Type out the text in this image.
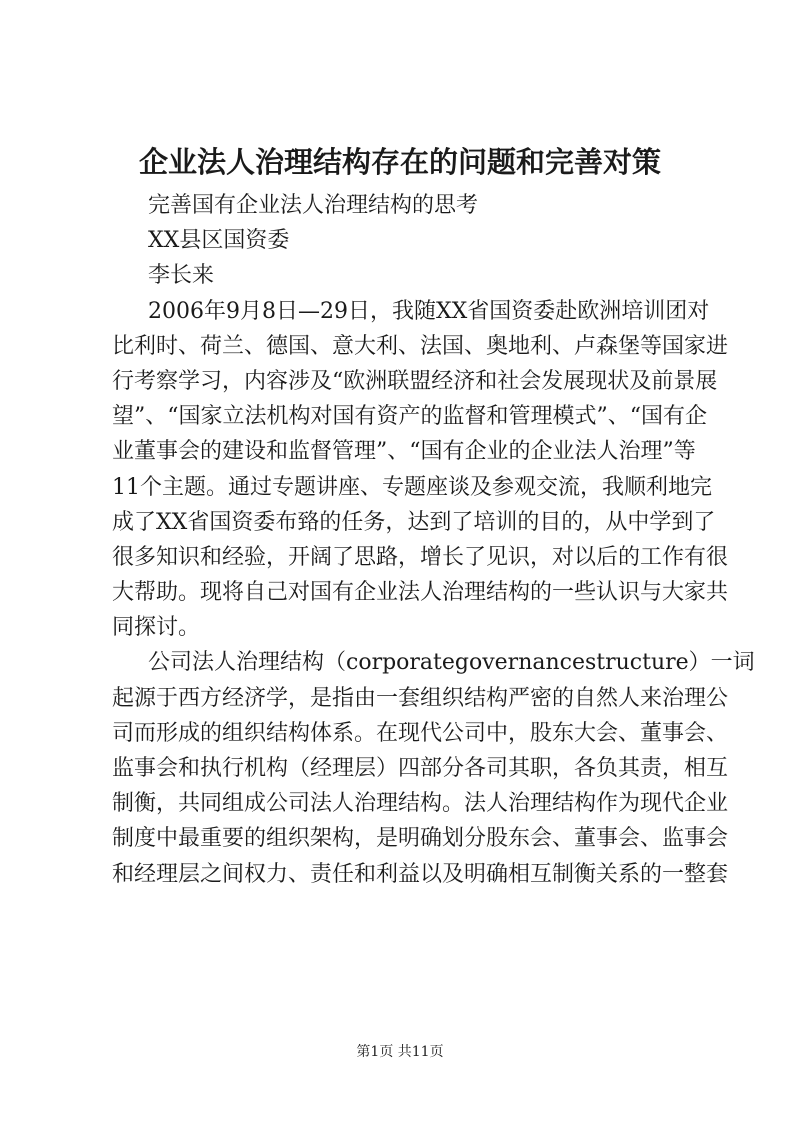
企业法人治理结构存在的问题和完善对策
完善国有企业法人治理结构的思考
XX县区国资委
李长来
2006年9月8日—29日，我随XX省国资委赴欧洲培训团对
比利时、荷兰、德国、意大利、法国、奥地利、卢森堡等国家进
行考察学习，内容涉及“欧洲联盟经济和社会发展现状及前景展
望”、“国家立法机构对国有资产的监督和管理模式”、“国有企
业董事会的建设和监督管理”、“国有企业的企业法人治理”等
11个主题。通过专题讲座、专题座谈及参观交流，我顺利地完
成了XX省国资委布臵的任务，达到了培训的目的，从中学到了
很多知识和经验，开阔了思路，增长了见识，对以后的工作有很
大帮助。现将自己对国有企业法人治理结构的一些认识与大家共
同探讨。
公司法人治理结构（corporategovernancestructure）一词
起源于西方经济学，是指由一套组织结构严密的自然人来治理公
司而形成的组织结构体系。在现代公司中，股东大会、董事会、
监事会和执行机构（经理层）四部分各司其职，各负其责，相互
制衡，共同组成公司法人治理结构。法人治理结构作为现代企业
制度中最重要的组织架构，是明确划分股东会、董事会、监事会
和经理层之间权力、责任和利益以及明确相互制衡关系的一整套
第1页 共11页
